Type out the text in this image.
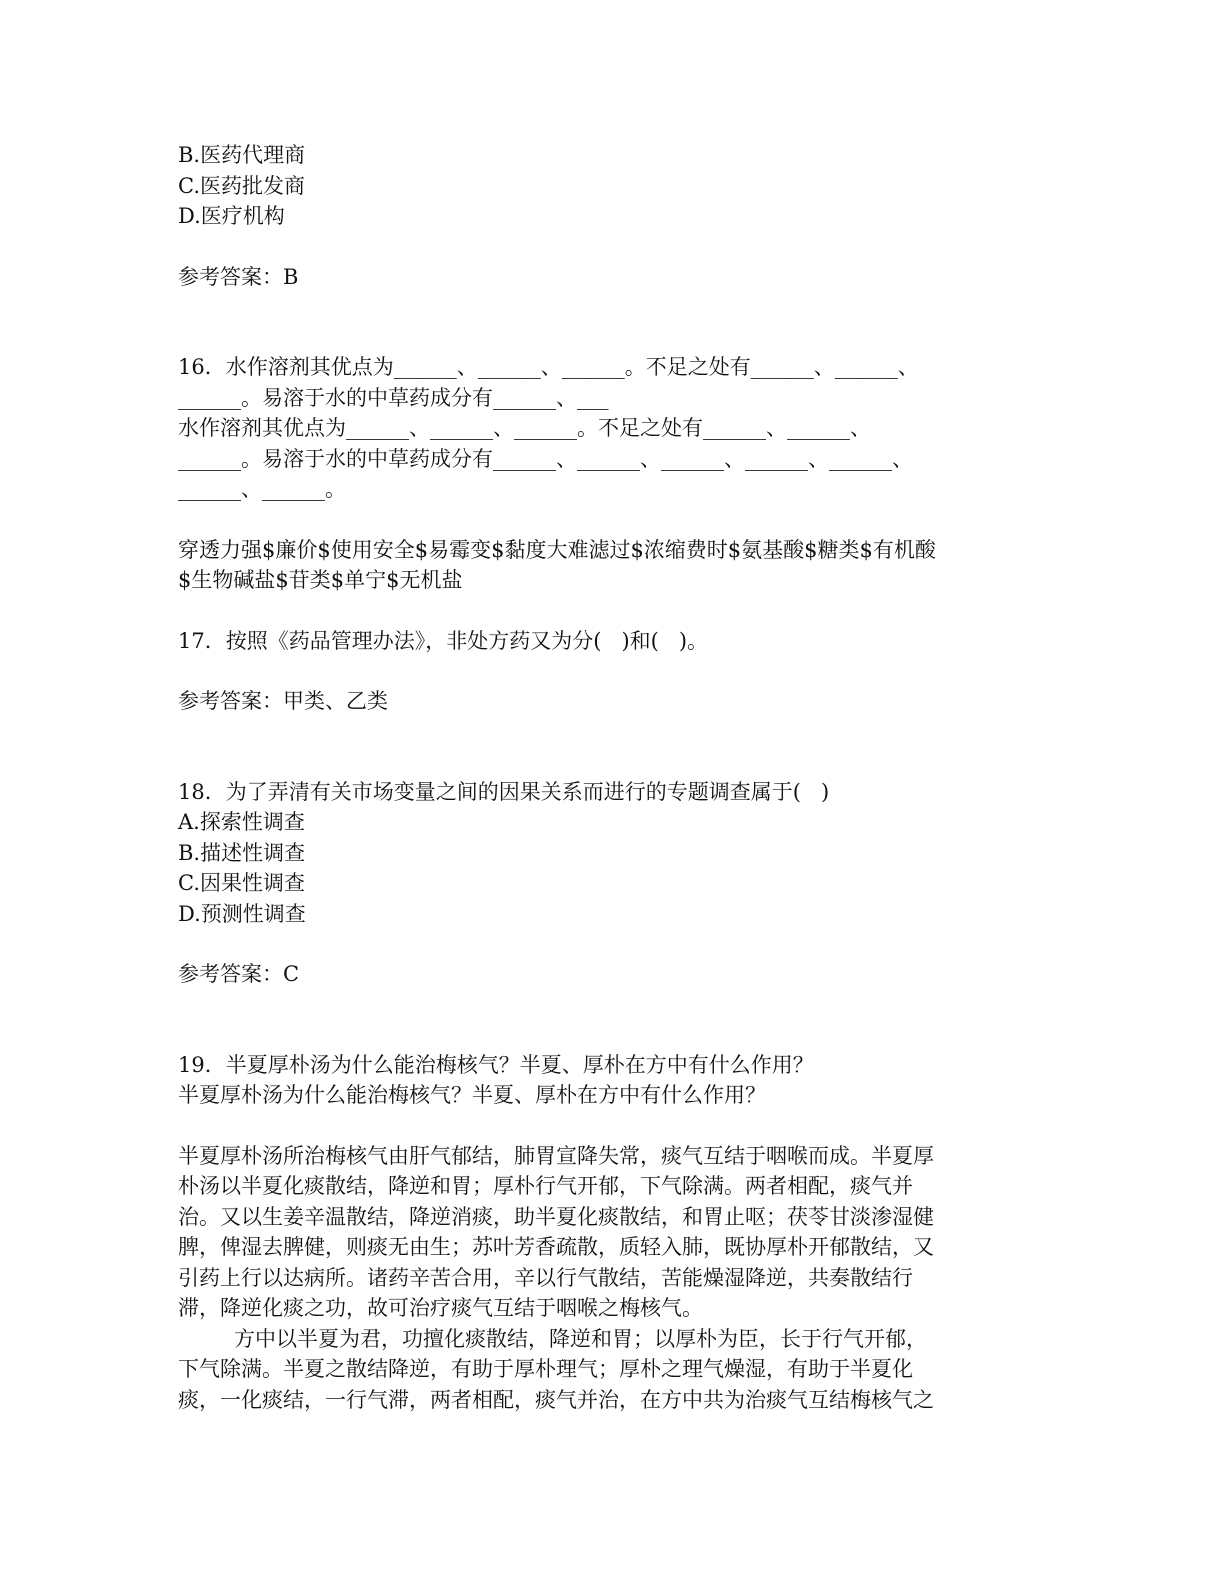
B.医药代理商
C.医药批发商
D.医疗机构
参考答案：B
16．水作溶剂其优点为______、______、______。不足之处有______、______、
______。易溶于水的中草药成分有______、___
水作溶剂其优点为______、______、______。不足之处有______、______、
______。易溶于水的中草药成分有______、______、______、______、______、
______、______。
穿透力强$廉价$使用安全$易霉变$黏度大难滤过$浓缩费时$氨基酸$糖类$有机酸
$生物碱盐$苷类$单宁$无机盐
17．按照《药品管理办法》，非处方药又为分(   )和(   )。
参考答案：甲类、乙类
18．为了弄清有关市场变量之间的因果关系而进行的专题调查属于(   )
A.探索性调查
B.描述性调查
C.因果性调查
D.预测性调查
参考答案：C
19．半夏厚朴汤为什么能治梅核气？半夏、厚朴在方中有什么作用？
半夏厚朴汤为什么能治梅核气？半夏、厚朴在方中有什么作用？
半夏厚朴汤所治梅核气由肝气郁结，肺胃宣降失常，痰气互结于咽喉而成。半夏厚
朴汤以半夏化痰散结，降逆和胃；厚朴行气开郁，下气除满。两者相配，痰气并
治。又以生姜辛温散结，降逆消痰，助半夏化痰散结，和胃止呕；茯苓甘淡渗湿健
脾，俾湿去脾健，则痰无由生；苏叶芳香疏散，质轻入肺，既协厚朴开郁散结，又
引药上行以达病所。诸药辛苦合用，辛以行气散结，苦能燥湿降逆，共奏散结行
滞，降逆化痰之功，故可治疗痰气互结于咽喉之梅核气。
方中以半夏为君，功擅化痰散结，降逆和胃；以厚朴为臣，长于行气开郁，
下气除满。半夏之散结降逆，有助于厚朴理气；厚朴之理气燥湿，有助于半夏化
痰，一化痰结，一行气滞，两者相配，痰气并治，在方中共为治痰气互结梅核气之
